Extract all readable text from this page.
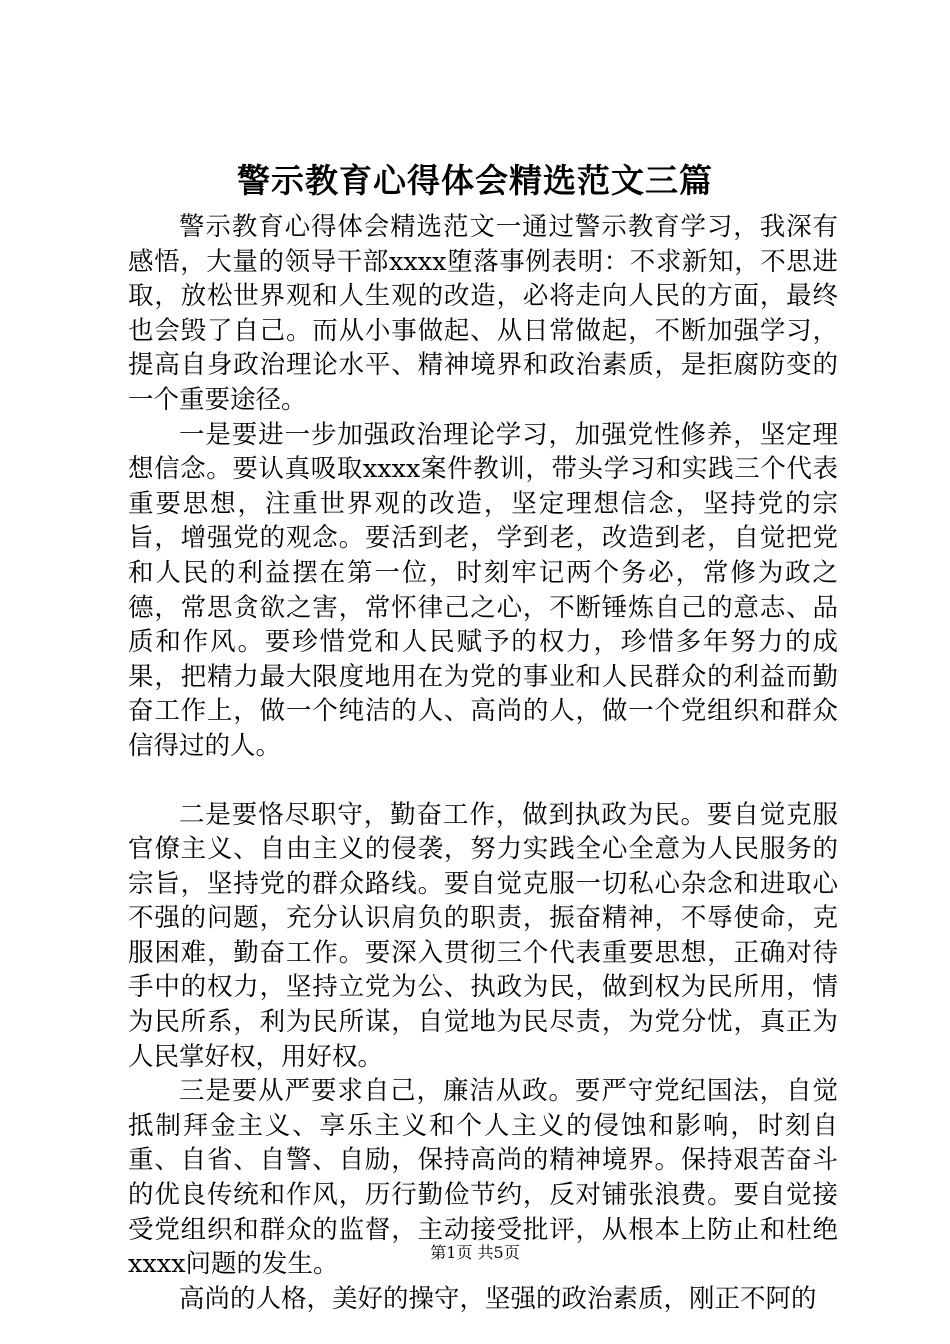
警示教育心得体会精选范文三篇

警示教育心得体会精选范文一通过警示教育学习，我深有感悟，大量的领导干部xxxx堕落事例表明：不求新知，不思进取，放松世界观和人生观的改造，必将走向人民的方面，最终也会毁了自己。而从小事做起、从日常做起，不断加强学习，提高自身政治理论水平、精神境界和政治素质，是拒腐防变的一个重要途径。

一是要进一步加强政治理论学习，加强党性修养，坚定理想信念。要认真吸取xxxx案件教训，带头学习和实践三个代表重要思想，注重世界观的改造，坚定理想信念，坚持党的宗旨，增强党的观念。要活到老，学到老，改造到老，自觉把党和人民的利益摆在第一位，时刻牢记两个务必，常修为政之德，常思贪欲之害，常怀律己之心，不断锤炼自己的意志、品质和作风。要珍惜党和人民赋予的权力，珍惜多年努力的成果，把精力最大限度地用在为党的事业和人民群众的利益而勤奋工作上，做一个纯洁的人、高尚的人，做一个党组织和群众信得过的人。

二是要恪尽职守，勤奋工作，做到执政为民。要自觉克服官僚主义、自由主义的侵袭，努力实践全心全意为人民服务的宗旨，坚持党的群众路线。要自觉克服一切私心杂念和进取心不强的问题，充分认识肩负的职责，振奋精神，不辱使命，克服困难，勤奋工作。要深入贯彻三个代表重要思想，正确对待手中的权力，坚持立党为公、执政为民，做到权为民所用，情为民所系，利为民所谋，自觉地为民尽责，为党分忧，真正为人民掌好权，用好权。

三是要从严要求自己，廉洁从政。要严守党纪国法，自觉抵制拜金主义、享乐主义和个人主义的侵蚀和影响，时刻自重、自省、自警、自励，保持高尚的精神境界。保持艰苦奋斗的优良传统和作风，历行勤俭节约，反对铺张浪费。要自觉接受党组织和群众的监督，主动接受批评，从根本上防止和杜绝xxxx问题的发生。

高尚的人格，美好的操守，坚强的政治素质，刚正不阿的

第1页 共5页
